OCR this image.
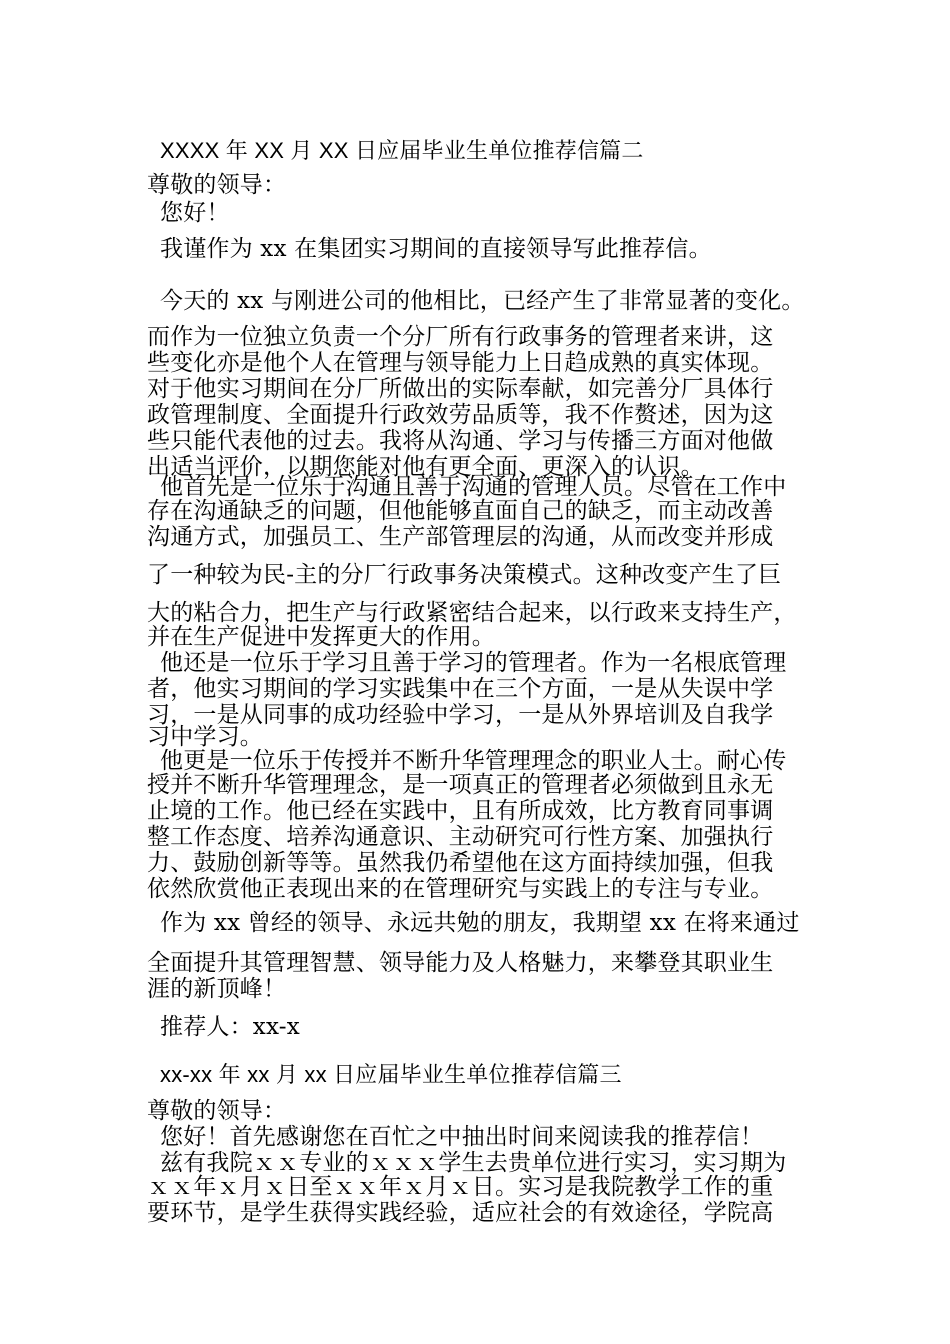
XXXX 年 XX 月 XX 日应届毕业生单位推荐信篇二
尊敬的领导：
您好！
我谨作为 xx 在集团实习期间的直接领导写此推荐信。
今天的 xx 与刚进公司的他相比，已经产生了非常显著的变化。
而作为一位独立负责一个分厂所有行政事务的管理者来讲，这
些变化亦是他个人在管理与领导能力上日趋成熟的真实体现。
对于他实习期间在分厂所做出的实际奉献，如完善分厂具体行
政管理制度、全面提升行政效劳品质等，我不作赘述，因为这
些只能代表他的过去。我将从沟通、学习与传播三方面对他做
出适当评价，以期您能对他有更全面、更深入的认识。
他首先是一位乐于沟通且善于沟通的管理人员。尽管在工作中
存在沟通缺乏的问题，但他能够直面自己的缺乏，而主动改善
沟通方式，加强员工、生产部管理层的沟通，从而改变并形成
了一种较为民-主的分厂行政事务决策模式。这种改变产生了巨
大的粘合力，把生产与行政紧密结合起来，以行政来支持生产，
并在生产促进中发挥更大的作用。
他还是一位乐于学习且善于学习的管理者。作为一名根底管理
者，他实习期间的学习实践集中在三个方面，一是从失误中学
习，一是从同事的成功经验中学习，一是从外界培训及自我学
习中学习。
他更是一位乐于传授并不断升华管理理念的职业人士。耐心传
授并不断升华管理理念，是一项真正的管理者必须做到且永无
止境的工作。他已经在实践中，且有所成效，比方教育同事调
整工作态度、培养沟通意识、主动研究可行性方案、加强执行
力、鼓励创新等等。虽然我仍希望他在这方面持续加强，但我
依然欣赏他正表现出来的在管理研究与实践上的专注与专业。
作为 xx 曾经的领导、永远共勉的朋友，我期望 xx 在将来通过
全面提升其管理智慧、领导能力及人格魅力，来攀登其职业生
涯的新顶峰！
推荐人：xx-x
xx-xx 年 xx 月 xx 日应届毕业生单位推荐信篇三
尊敬的领导：
您好！首先感谢您在百忙之中抽出时间来阅读我的推荐信！
兹有我院ｘｘ专业的ｘｘｘ学生去贵单位进行实习，实习期为
ｘｘ年ｘ月ｘ日至ｘｘ年ｘ月ｘ日。实习是我院教学工作的重
要环节，是学生获得实践经验，适应社会的有效途径，学院高
